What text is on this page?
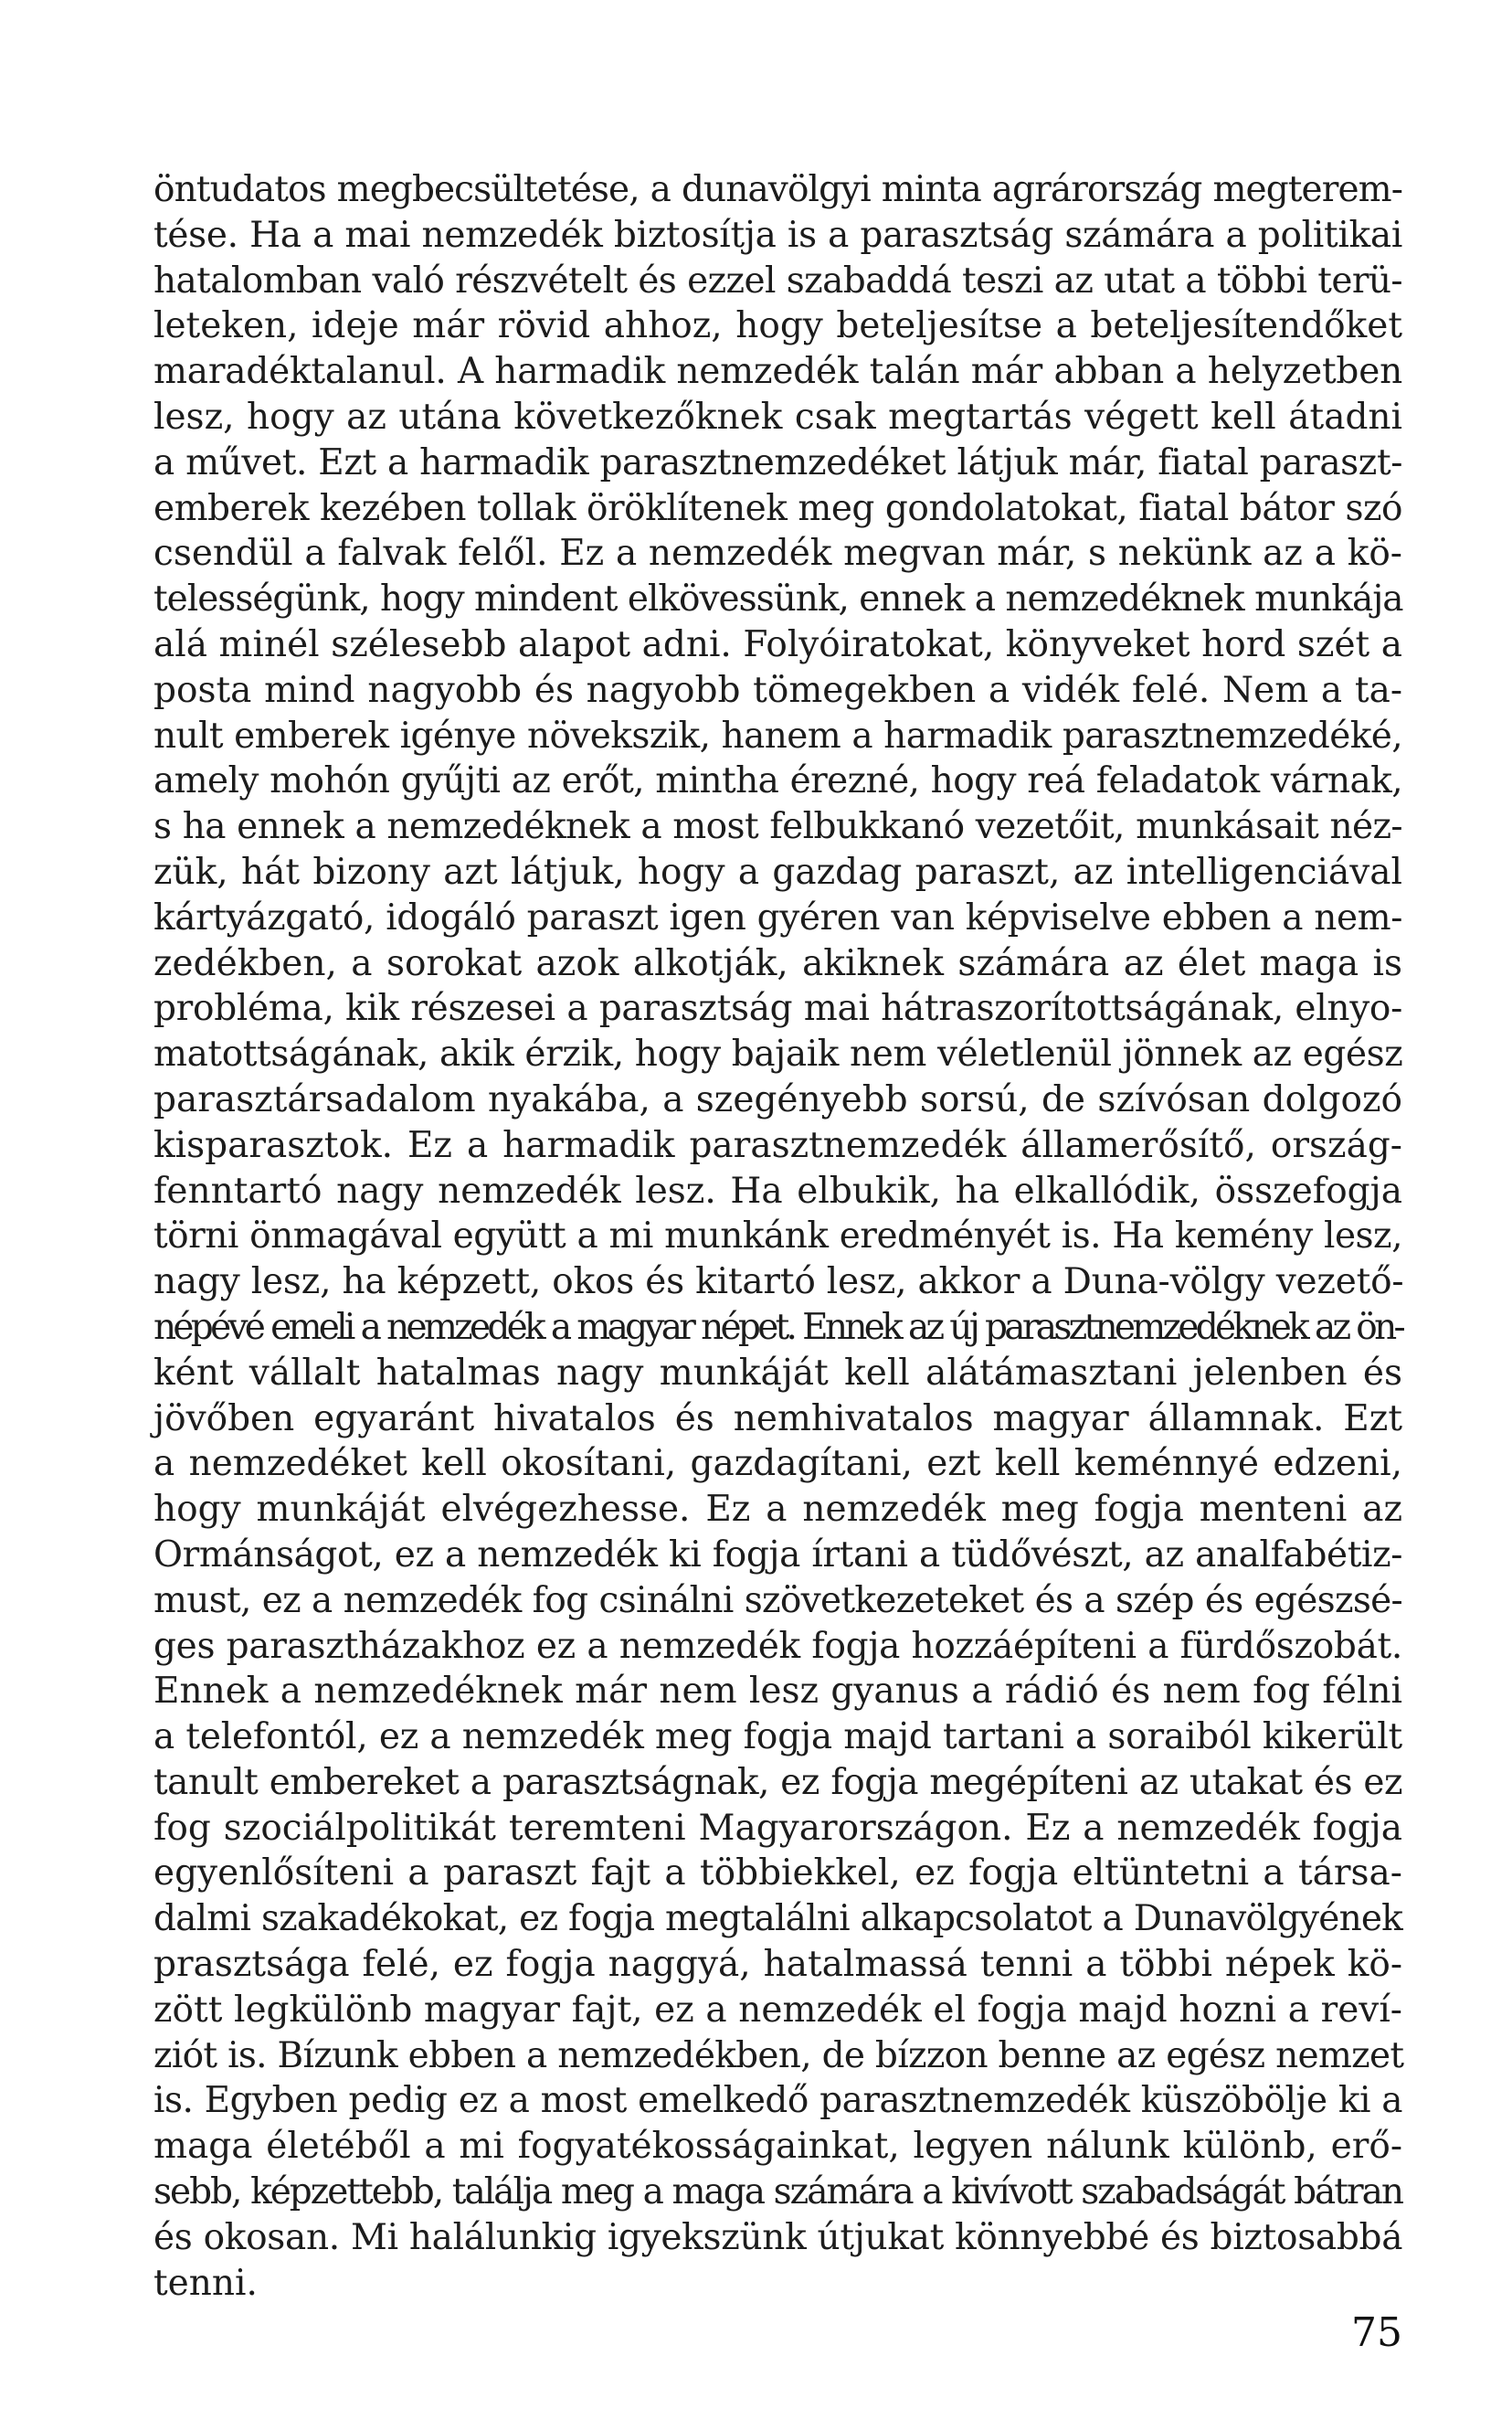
öntudatos megbecsültetése, a dunavölgyi minta agrárország megterem-
tése. Ha a mai nemzedék biztosítja is a parasztság számára a politikai
hatalomban való részvételt és ezzel szabaddá teszi az utat a többi terü-
leteken, ideje már rövid ahhoz, hogy beteljesítse a beteljesítendőket
maradéktalanul. A harmadik nemzedék talán már abban a helyzetben
lesz, hogy az utána következőknek csak megtartás végett kell átadni
a művet. Ezt a harmadik parasztnemzedéket látjuk már, fiatal paraszt-
emberek kezében tollak öröklítenek meg gondolatokat, fiatal bátor szó
csendül a falvak felől. Ez a nemzedék megvan már, s nekünk az a kö-
telességünk, hogy mindent elkövessünk, ennek a nemzedéknek munkája
alá minél szélesebb alapot adni. Folyóiratokat, könyveket hord szét a
posta mind nagyobb és nagyobb tömegekben a vidék felé. Nem a ta-
nult emberek igénye növekszik, hanem a harmadik parasztnemzedéké,
amely mohón gyűjti az erőt, mintha érezné, hogy reá feladatok várnak,
s ha ennek a nemzedéknek a most felbukkanó vezetőit, munkásait néz-
zük, hát bizony azt látjuk, hogy a gazdag paraszt, az intelligenciával
kártyázgató, idogáló paraszt igen gyéren van képviselve ebben a nem-
zedékben, a sorokat azok alkotják, akiknek számára az élet maga is
probléma, kik részesei a parasztság mai hátraszorítottságának, elnyo-
matottságának, akik érzik, hogy bajaik nem véletlenül jönnek az egész
parasztársadalom nyakába, a szegényebb sorsú, de szívósan dolgozó
kisparasztok. Ez a harmadik parasztnemzedék államerősítő, ország-
fenntartó nagy nemzedék lesz. Ha elbukik, ha elkallódik, összefogja
törni önmagával együtt a mi munkánk eredményét is. Ha kemény lesz,
nagy lesz, ha képzett, okos és kitartó lesz, akkor a Duna-völgy vezető-
népévé emeli a nemzedék a magyar népet. Ennek az új parasztnemzedéknek az ön-
ként vállalt hatalmas nagy munkáját kell alátámasztani jelenben és
jövőben egyaránt hivatalos és nemhivatalos magyar államnak. Ezt
a nemzedéket kell okosítani, gazdagítani, ezt kell keménnyé edzeni,
hogy munkáját elvégezhesse. Ez a nemzedék meg fogja menteni az
Ormánságot, ez a nemzedék ki fogja írtani a tüdővészt, az analfabétiz-
must, ez a nemzedék fog csinálni szövetkezeteket és a szép és egészsé-
ges parasztházakhoz ez a nemzedék fogja hozzáépíteni a fürdőszobát.
Ennek a nemzedéknek már nem lesz gyanus a rádió és nem fog félni
a telefontól, ez a nemzedék meg fogja majd tartani a soraiból kikerült
tanult embereket a parasztságnak, ez fogja megépíteni az utakat és ez
fog szociálpolitikát teremteni Magyarországon. Ez a nemzedék fogja
egyenlősíteni a paraszt fajt a többiekkel, ez fogja eltüntetni a társa-
dalmi szakadékokat, ez fogja megtalálni alkapcsolatot a Dunavölgyének
prasztsága felé, ez fogja naggyá, hatalmassá tenni a többi népek kö-
zött legkülönb magyar fajt, ez a nemzedék el fogja majd hozni a reví-
ziót is. Bízunk ebben a nemzedékben, de bízzon benne az egész nemzet
is. Egyben pedig ez a most emelkedő parasztnemzedék küszöbölje ki a
maga életéből a mi fogyatékosságainkat, legyen nálunk különb, erő-
sebb, képzettebb, találja meg a maga számára a kivívott szabadságát bátran
és okosan. Mi halálunkig igyekszünk útjukat könnyebbé és biztosabbá
tenni.
75
